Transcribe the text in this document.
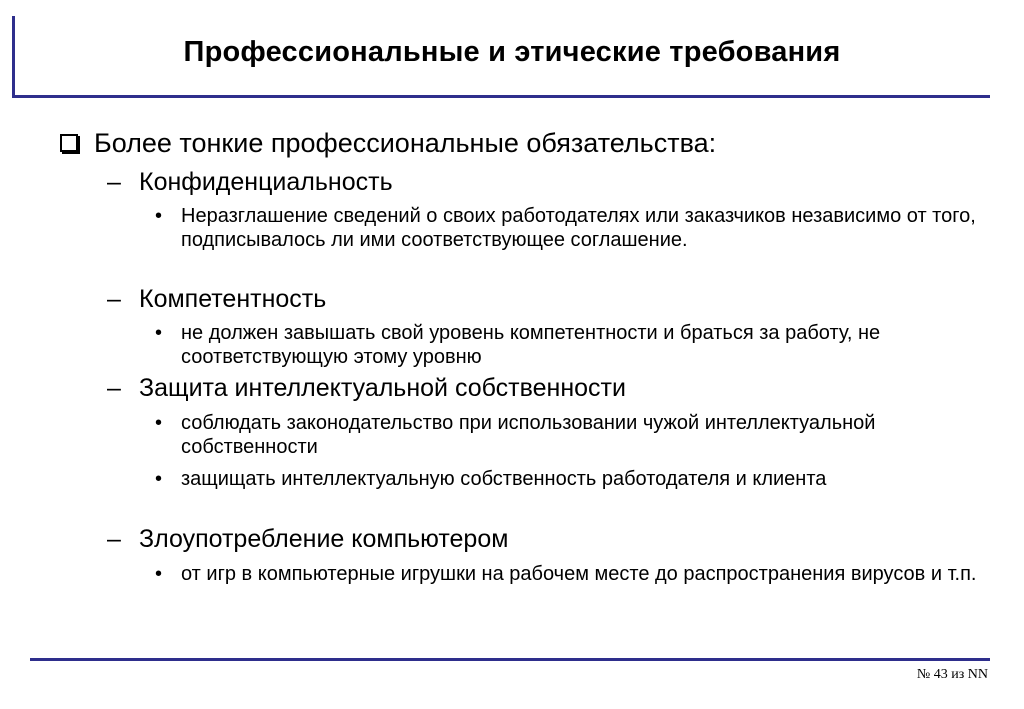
Профессиональные и этические требования
Более тонкие профессиональные обязательства:
– Конфиденциальность
• Неразглашение сведений о своих работодателях или заказчиков независимо от того, подписывалось ли ими соответствующее соглашение.
– Компетентность
• не должен завышать свой уровень компетентности и браться за работу, не соответствующую этому уровню
– Защита интеллектуальной собственности
• соблюдать законодательство при использовании чужой интеллектуальной собственности
• защищать интеллектуальную собственность работодателя и клиента
– Злоупотребление компьютером
• от игр в компьютерные игрушки на рабочем месте до распространения вирусов и т.п.
№ 43 из NN
